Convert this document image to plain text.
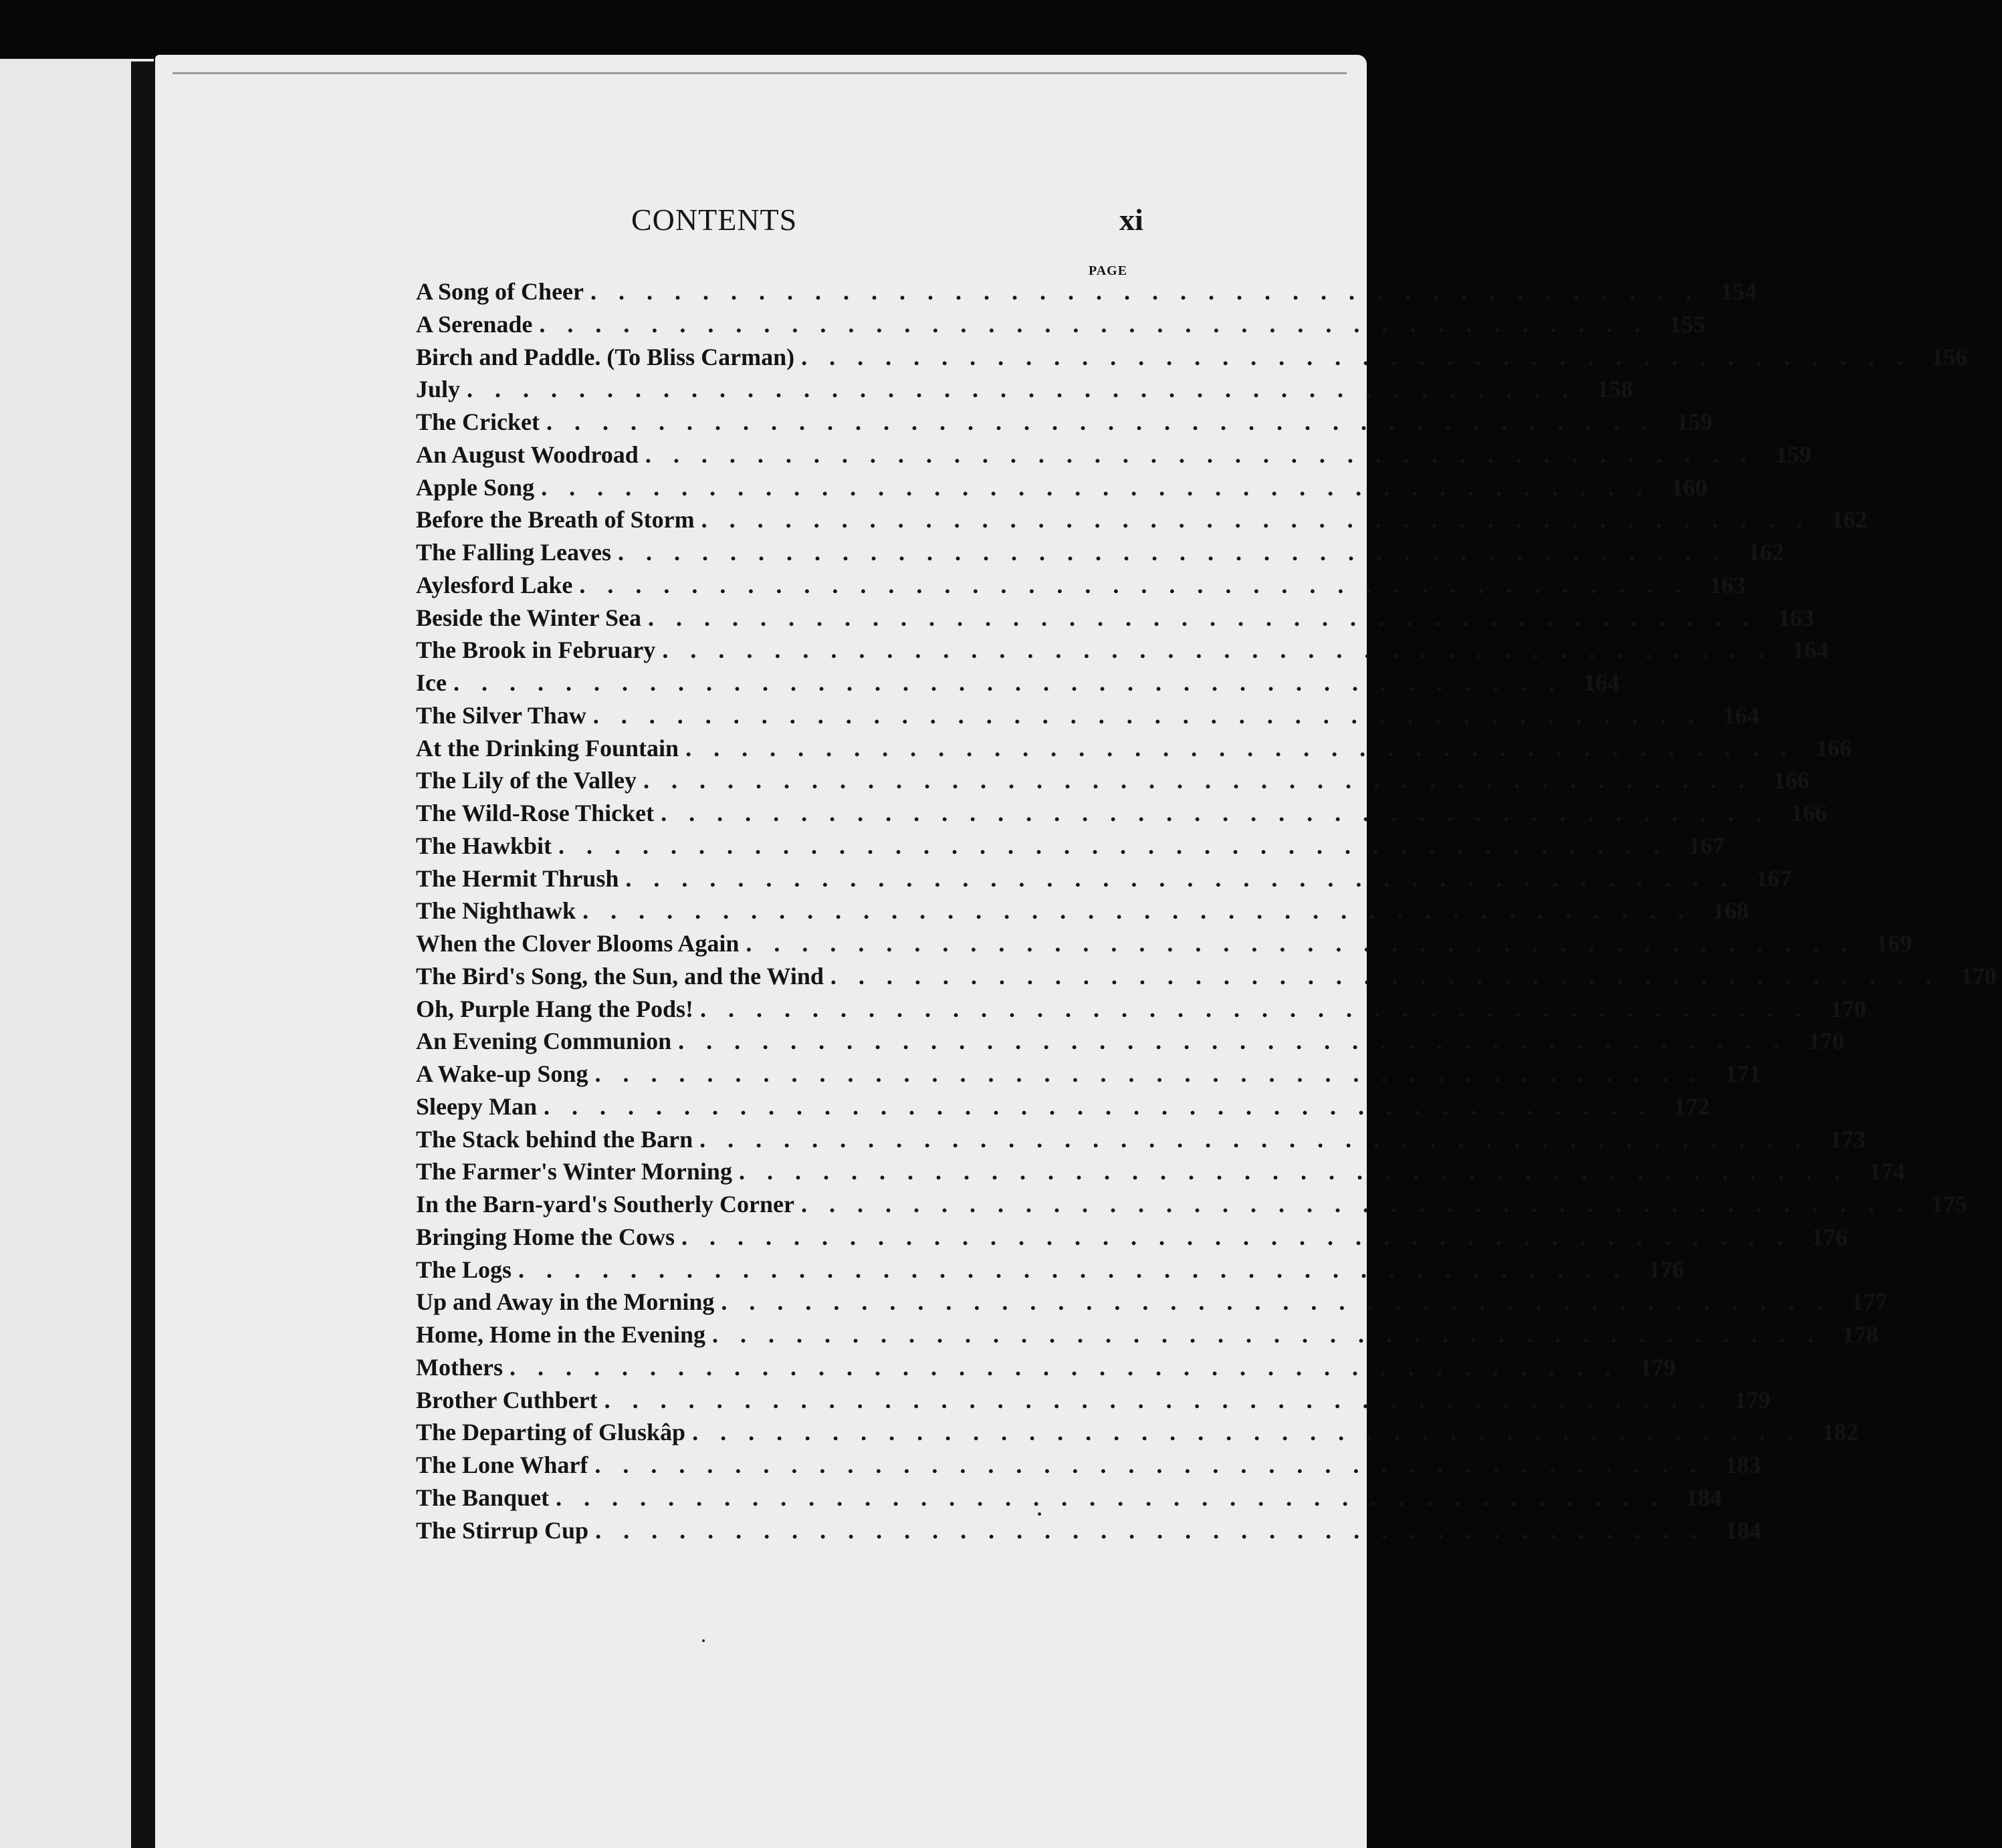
CONTENTS	xi
PAGE
A Song of Cheer ........................................ 154
A Serenade ........................................ 155
Birch and Paddle. (To Bliss Carman) ........................................ 156
July ........................................ 158
The Cricket ........................................ 159
An August Woodroad ........................................ 159
Apple Song ........................................ 160
Before the Breath of Storm ........................................ 162
The Falling Leaves ........................................ 162
Aylesford Lake ........................................ 163
Beside the Winter Sea ........................................ 163
The Brook in February ........................................ 164
Ice ........................................ 164
The Silver Thaw ........................................ 164
At the Drinking Fountain ........................................ 166
The Lily of the Valley ........................................ 166
The Wild-Rose Thicket ........................................ 166
The Hawkbit ........................................ 167
The Hermit Thrush ........................................ 167
The Nighthawk ........................................ 168
When the Clover Blooms Again ........................................ 169
The Bird's Song, the Sun, and the Wind ........................................ 170
Oh, Purple Hang the Pods! ........................................ 170
An Evening Communion ........................................ 170
A Wake-up Song ........................................ 171
Sleepy Man ........................................ 172
The Stack behind the Barn ........................................ 173
The Farmer's Winter Morning ........................................ 174
In the Barn-yard's Southerly Corner ........................................ 175
Bringing Home the Cows ........................................ 176
The Logs ........................................ 176
Up and Away in the Morning ........................................ 177
Home, Home in the Evening ........................................ 178
Mothers ........................................ 179
Brother Cuthbert ........................................ 179
The Departing of Gluskâp ........................................ 182
The Lone Wharf ........................................ 183
The Banquet ........................................ 184
The Stirrup Cup ........................................ 184
